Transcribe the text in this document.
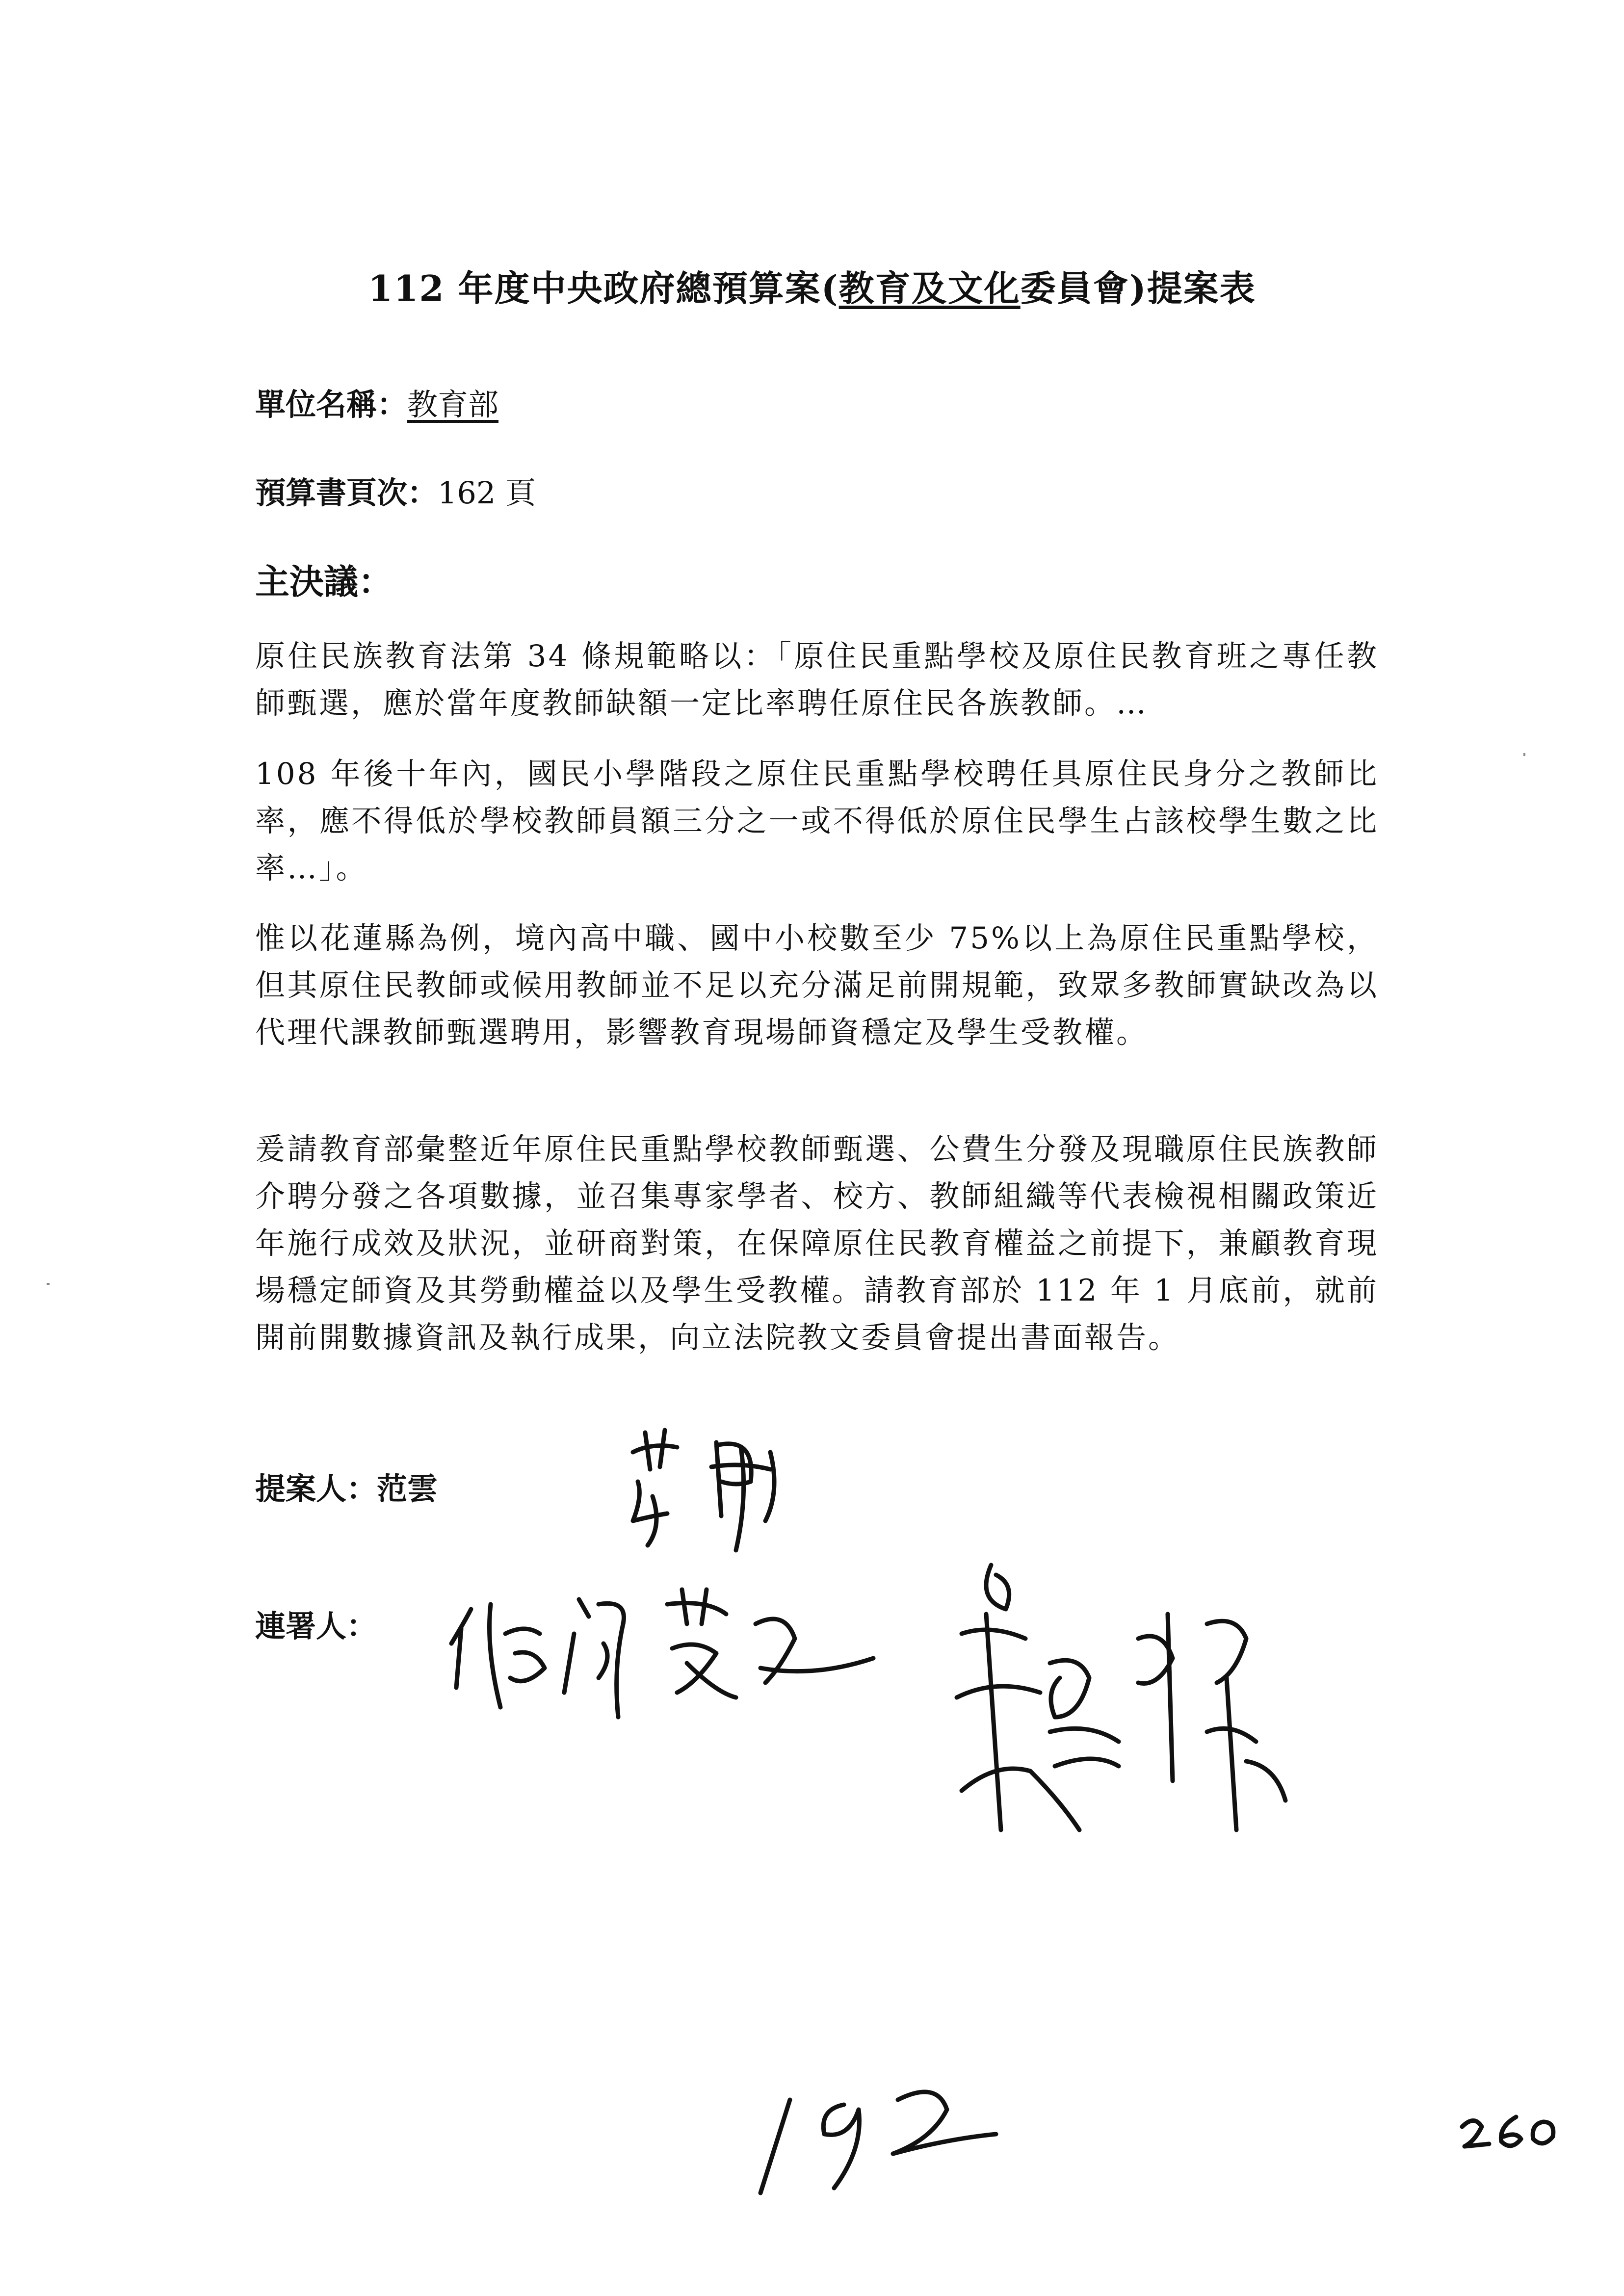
112 年度中央政府總預算案(教育及文化委員會)提案表
單位名稱：教育部
預算書頁次：162 頁
主決議：
原住民族教育法第 34 條規範略以：「原住民重點學校及原住民教育班之專任教師甄選，應於當年度教師缺額一定比率聘任原住民各族教師。…
108 年後十年內，國民小學階段之原住民重點學校聘任具原住民身分之教師比率，應不得低於學校教師員額三分之一或不得低於原住民學生占該校學生數之比率…」。
惟以花蓮縣為例，境內高中職、國中小校數至少 75%以上為原住民重點學校，但其原住民教師或候用教師並不足以充分滿足前開規範，致眾多教師實缺改為以代理代課教師甄選聘用，影響教育現場師資穩定及學生受教權。
爰請教育部彙整近年原住民重點學校教師甄選、公費生分發及現職原住民族教師介聘分發之各項數據，並召集專家學者、校方、教師組織等代表檢視相關政策近年施行成效及狀況，並研商對策，在保障原住民教育權益之前提下，兼顧教育現場穩定師資及其勞動權益以及學生受教權。請教育部於 112 年 1 月底前，就前開前開數據資訊及執行成果，向立法院教文委員會提出書面報告。
提案人：范雲
連署人：
